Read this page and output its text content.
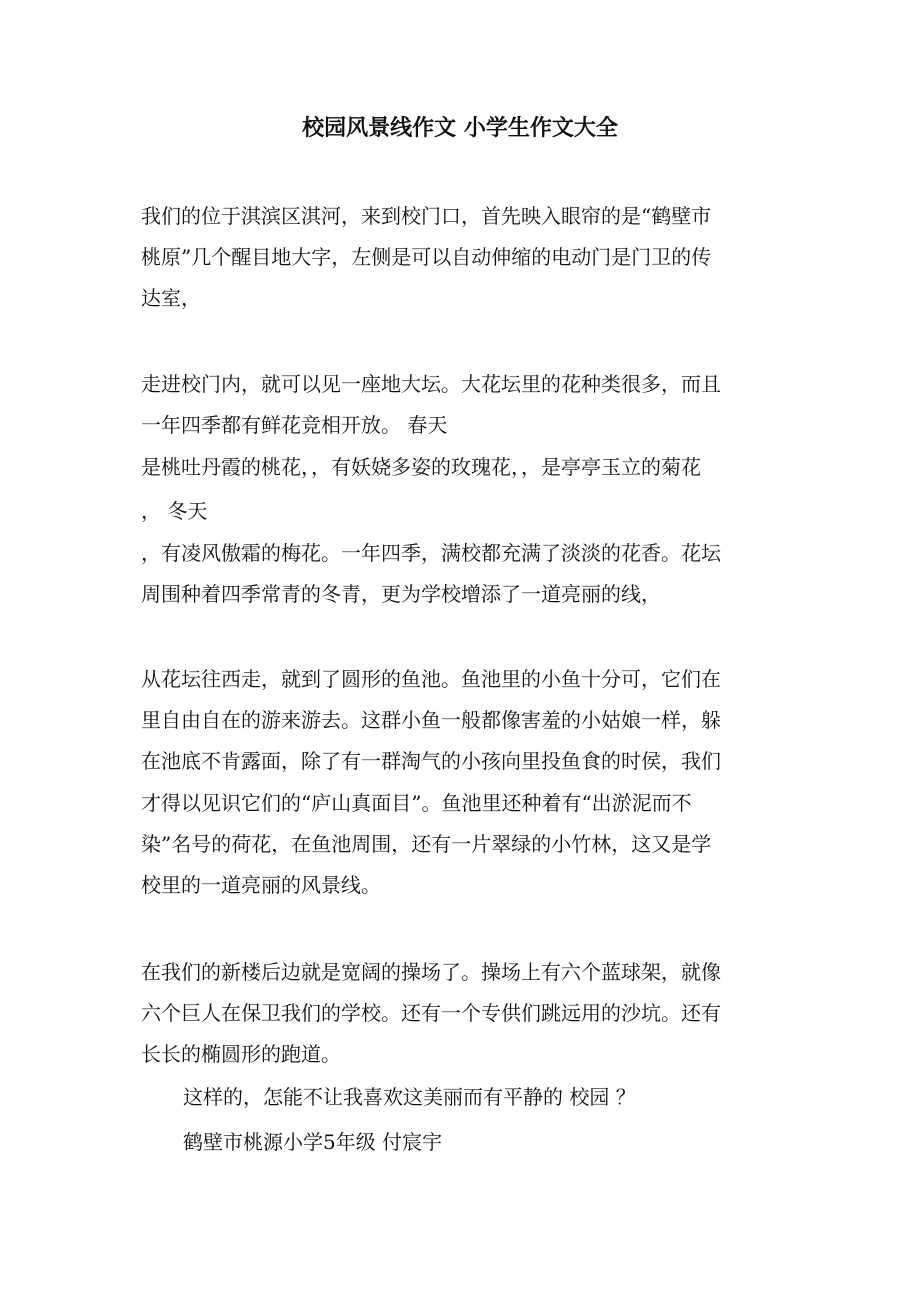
校园风景线作文 小学生作文大全
我们的位于淇滨区淇河，来到校门口，首先映入眼帘的是“鹤壁市
桃原”几个醒目地大字，左侧是可以自动伸缩的电动门是门卫的传
达室，
走进校门内，就可以见一座地大坛。大花坛里的花种类很多，而且
一年四季都有鲜花竞相开放。 春天
是桃吐丹霞的桃花，，有妖娆多姿的玫瑰花，，是亭亭玉立的菊花
， 冬天
，有凌风傲霜的梅花。一年四季，满校都充满了淡淡的花香。花坛
周围种着四季常青的冬青，更为学校增添了一道亮丽的线，
从花坛往西走，就到了圆形的鱼池。鱼池里的小鱼十分可，它们在
里自由自在的游来游去。这群小鱼一般都像害羞的小姑娘一样，躲
在池底不肯露面，除了有一群淘气的小孩向里投鱼食的时侯，我们
才得以见识它们的“庐山真面目”。鱼池里还种着有“出淤泥而不
染”名号的荷花，在鱼池周围，还有一片翠绿的小竹林，这又是学
校里的一道亮丽的风景线。
在我们的新楼后边就是宽阔的操场了。操场上有六个蓝球架，就像
六个巨人在保卫我们的学校。还有一个专供们跳远用的沙坑。还有
长长的椭圆形的跑道。
这样的，怎能不让我喜欢这美丽而有平静的 校园 ？
鹤壁市桃源小学5年级 付宸宇
